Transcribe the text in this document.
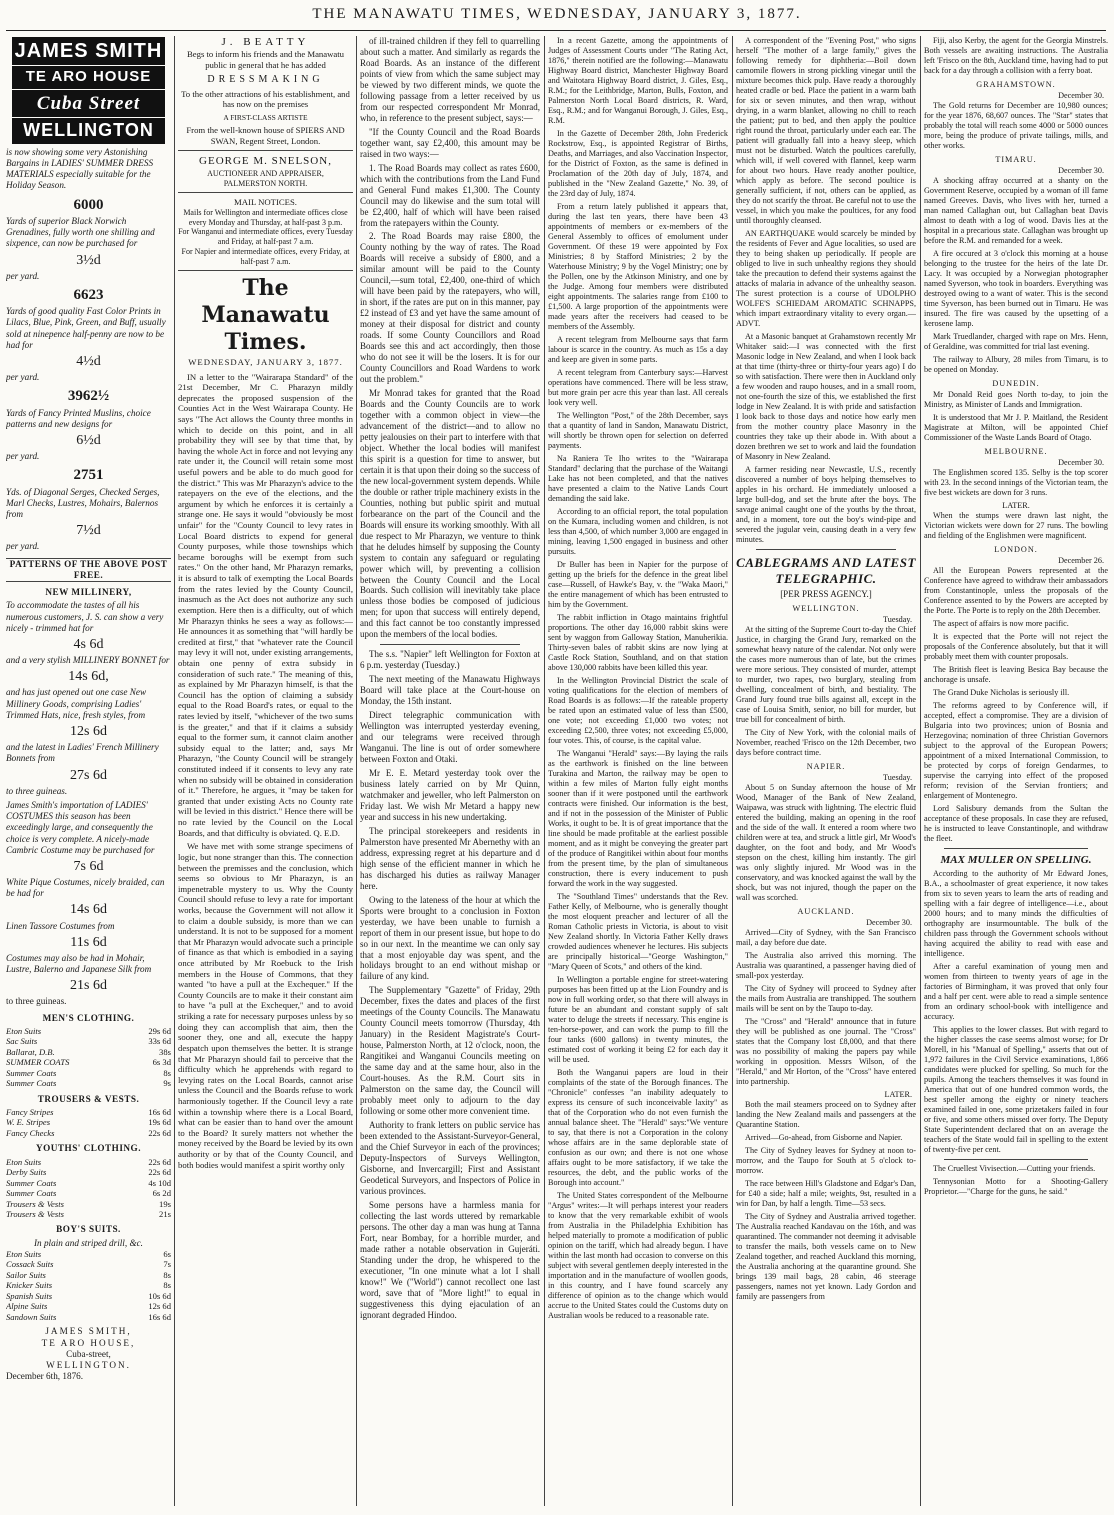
THE MANAWATU TIMES, WEDNESDAY, JANUARY 3, 1877.
JAMES SMITH
TE ARO HOUSE
Cuba Street
WELLINGTON
is now showing some very Astonishing Bargains in LADIES' SUMMER DRESS MATERIALS especially suitable for the Holiday Season.
6000
Yards of superior Black Norwich Grenadines, fully worth one shilling and sixpence, can now be purchased for
3½d
per yard.
6623
Yards of good quality Fast Color Prints in Lilacs, Blue, Pink, Green, and Buff, usually sold at ninepence half-penny are now to be had for
4½d
per yard.
3962½
Yards of Fancy Printed Muslins, choice patterns and new designs for
6½d
per yard.
2751
Yds. of Diagonal Serges, Checked Serges, Marl Checks, Lustres, Mohairs, Balernos from
7½d
per yard.
PATTERNS OF THE ABOVE POST FREE.
NEW MILLINERY,
To accommodate the tastes of all his numerous customers, J. S. can show a very nicely - trimmed hat for
4s 6d
and a very stylish MILLINERY BONNET for
14s 6d,
and has just opened out one case New Millinery Goods, comprising Ladies' Trimmed Hats, nice, fresh styles, from
12s 6d
and the latest in Ladies' French Millinery Bonnets from
27s 6d
to three guineas.
James Smith's importation of LADIES' COSTUMES this season has been exceedingly large, and consequently the choice is very complete. A nicely-made Cambric Costume may be purchased for
7s 6d
White Pique Costumes, nicely braided, can be had for
14s 6d
Linen Tassore Costumes from
11s 6d
Costumes may also be had in Mohair, Lustre, Balerno and Japanese Silk from
21s 6d
to three guineas.
MEN'S CLOTHING.
Eton Suits	29s 6d
Sac Suits	33s 6d
Ballarat, D.B.	38s
SUMMER COATS	6s 3d
Summer Coats	8s
Summer Coats	9s
TROUSERS & VESTS.
Fancy Stripes	16s 6d
W. E. Stripes	19s 6d
Fancy Checks	22s 6d
YOUTHS' CLOTHING.
Eton Suits	22s 6d
Derby Suits	22s 6d
Summer Coats	4s 10d
Summer Coats	6s 2d
Trousers & Vests	19s
Trousers & Vests	21s
BOY'S SUITS.
In plain and striped drill, &c.
Eton Suits	6s
Cossack Suits	7s
Sailor Suits	8s
Knicker Suits	8s
Spanish Suits	10s 6d
Alpine Suits	12s 6d
Sandown Suits	16s 6d
JAMES SMITH,
TE ARO HOUSE,
Cuba-street,
WELLINGTON.
December 6th, 1876.
J. BEATTY
Begs to inform his friends and the Manawatu public in general that he has added
DRESSMAKING
To the other attractions of his establishment, and has now on the premises
A FIRST-CLASS ARTISTE
From the well-known house of SPIERS AND SWAN, Regent Street, London.
GEORGE M. SNELSON,
AUCTIONEER AND APPRAISER,
PALMERSTON NORTH.
MAIL NOTICES.
Mails for Wellington and intermediate offices close every Monday and Thursday, at half-past 3 p.m.
For Wanganui and intermediate offices, every Tuesday and Friday, at half-past 7 a.m.
For Napier and intermediate offices, every Friday, at half-past 7 a.m.
The Manawatu Times.
WEDNESDAY, JANUARY 3, 1877.

IN a letter to the "Wairarapa Standard" of the 21st December, Mr C. Pharazyn mildly deprecates the proposed suspension of the Counties Act in the West Wairarapa County. He says "The Act allows the County three months in which to decide on this point, and in all probability they will see by that time that, by having the whole Act in force and not levying any rate under it, the Council will retain some most useful powers and be able to do much good for the district." This was Mr Pharazyn's advice to the ratepayers on the eve of the elections, and the argument by which he enforces it is certainly a strange one. He says it would "obviously be most unfair" for the "County Council to levy rates in Local Board districts to expend for general County purposes, while those townships which became boroughs will be exempt from such rates." On the other hand, Mr Pharazyn remarks, it is absurd to talk of exempting the Local Boards from the rates levied by the County Council, inasmuch as the Act does not authorize any such exemption. Here then is a difficulty, out of which Mr Pharazyn thinks he sees a way as follows:—He announces it as something that "will hardly be credited at first," that "whatever rate the Council may levy it will not, under existing arrangements, obtain one penny of extra subsidy in consideration of such rate." The meaning of this, as explained by Mr Pharazyn himself, is that the Council has the option of claiming a subsidy equal to the Road Board's rates, or equal to the rates levied by itself, "whichever of the two sums is the greater," and that if it claims a subsidy equal to the former sum, it cannot claim another subsidy equal to the latter; and, says Mr Pharazyn, "the County Council will be strangely constituted indeed if it consents to levy any rate when no subsidy will be obtained in consideration of it." Therefore, he argues, it "may be taken for granted that under existing Acts no County rate will be levied in this district." Hence there will be no rate levied by the Council on the Local Boards, and that difficulty is obviated. Q. E.D.

We have met with some strange specimens of logic, but none stranger than this. The connection between the premisses and the conclusion, which seems so obvious to Mr Pharazyn, is an impenetrable mystery to us. Why the County Council should refuse to levy a rate for important works, because the Government will not allow it to claim a double subsidy, is more than we can understand. It is not to be supposed for a moment that Mr Pharazyn would advocate such a principle of finance as that which is embodied in a saying once attributed by Mr Roebuck to the Irish members in the House of Commons, that they wanted "to have a pull at the Exchequer." If the County Councils are to make it their constant aim to have "a pull at the Exchequer," and to avoid striking a rate for necessary purposes unless by so doing they can accomplish that aim, then the sooner they, one and all, execute the happy despatch upon themselves the better. It is strange that Mr Pharazyn should fail to perceive that the difficulty which he apprehends with regard to levying rates on the Local Boards, cannot arise unless the Council and the Boards refuse to work harmoniously together. If the Council levy a rate within a township where there is a Local Board, what can be easier than to hand over the amount to the Board? It surely matters not whether the money received by the Board be levied by its own authority or by that of the County Council, and both bodies would manifest a spirit worthy only

of ill-trained children if they fell to quarrelling about such a matter. And similarly as regards the Road Boards. As an instance of the different points of view from which the same subject may be viewed by two different minds, we quote the following passage from a letter received by us from our respected correspondent Mr Monrad, who, in reference to the present subject, says:—

"If the County Council and the Road Boards together want, say £2,400, this amount may be raised in two ways:—

1. The Road Boards may collect as rates £600, which with the contributions from the Land Fund and General Fund makes £1,300. The County Council may do likewise and the sum total will be £2,400, half of which will have been raised from the ratepayers within the County.

2. The Road Boards may raise £800, the County nothing by the way of rates. The Road Boards will receive a subsidy of £800, and a similar amount will be paid to the County Council,—sum total, £2,400, one-third of which will have been paid by the ratepayers, who will, in short, if the rates are put on in this manner, pay £2 instead of £3 and yet have the same amount of money at their disposal for district and county roads. If some County Councillors and Road Boards see this and act accordingly, then those who do not see it will be the losers. It is for our County Councillors and Road Wardens to work out the problem."

Mr Monrad takes for granted that the Road Boards and the County Councils are to work together with a common object in view—the advancement of the district—and to allow no petty jealousies on their part to interfere with that object. Whether the local bodies will manifest this spirit is a question for time to answer, but certain it is that upon their doing so the success of the new local-government system depends. While the double or rather triple machinery exists in the Counties, nothing but public spirit and mutual forbearance on the part of the Council and the Boards will ensure its working smoothly. With all due respect to Mr Pharazyn, we venture to think that he deludes himself by supposing the County system to contain any safeguard or regulating power which will, by preventing a collision between the County Council and the Local Boards. Such collision will inevitably take place unless those bodies be composed of judicious men; for upon that success will entirely depend, and this fact cannot be too constantly impressed upon the members of the local bodies.

The s.s. "Napier" left Wellington for Foxton at 6 p.m. yesterday (Tuesday.)

The next meeting of the Manawatu Highways Board will take place at the Court-house on Monday, the 15th instant.

Direct telegraphic communication with Wellington was interrupted yesterday evening, and our telegrams were received through Wanganui. The line is out of order somewhere between Foxton and Otaki.

Mr E. E. Metard yesterday took over the business lately carried on by Mr Quinn, watchmaker and jeweller, who left Palmerston on Friday last. We wish Mr Metard a happy new year and success in his new undertaking.

The principal storekeepers and residents in Palmerston have presented Mr Abernethy with an address, expressing regret at his departure and d high sense of the efficient manner in which he has discharged his duties as railway Manager here.

Owing to the lateness of the hour at which the Sports were brought to a conclusion in Foxton yesterday, we have been unable to furnish a report of them in our present issue, but hope to do so in our next. In the meantime we can only say that a most enjoyable day was spent, and the holidays brought to an end without mishap or failure of any kind.

The Supplementary "Gazette" of Friday, 29th December, fixes the dates and places of the first meetings of the County Councils. The Manawatu County Council meets tomorrow (Thursday, 4th January) in the Resident Magistrate's Court-house, Palmerston North, at 12 o'clock, noon, the Rangitikei and Wanganui Councils meeting on the same day and at the same hour, also in the Court-houses. As the R.M. Court sits in Palmerston on the same day, the Council will probably meet only to adjourn to the day following or some other more convenient time.

Authority to frank letters on public service has been extended to the Assistant-Surveyor-General, and the Chief Surveyor in each of the provinces; Deputy-Inspectors of Surveys Wellington, Gisborne, and Invercargill; First and Assistant Geodetical Surveyors, and Inspectors of Police in various provinces.

Some persons have a harmless mania for collecting the last words uttered by remarkable persons. The other day a man was hung at Tanna Fort, near Bombay, for a horrible murder, and made rather a notable observation in Gujeráti. Standing under the drop, he whispered to the executioner, "In one minute what a lot I shall know!" We ("World") cannot recollect one last word, save that of "More light!" to equal in suggestiveness this dying ejaculation of an ignorant degraded Hindoo.

In a recent Gazette, among the appointments of Judges of Assessment Courts under "The Rating Act, 1876," therein notified are the following:—Manawatu Highway Board district, Manchester Highway Board and Waitotara Highway Board district, J. Giles, Esq., R.M.; for the Leithbridge, Marton, Bulls, Foxton, and Palmerston North Local Board districts, R. Ward, Esq., R.M.; and for Wanganui Borough, J. Giles, Esq., R.M.

In the Gazette of December 28th, John Frederick Rockstrow, Esq., is appointed Registrar of Births, Deaths, and Marriages, and also Vaccination Inspector, for the District of Foxton, as the same is defined in Proclamation of the 20th day of July, 1874, and published in the "New Zealand Gazette," No. 39, of the 23rd day of July, 1874.

From a return lately published it appears that, during the last ten years, there have been 43 appointments of members or ex-members of the General Assembly to offices of emolument under Government. Of these 19 were appointed by Fox Ministries; 8 by Stafford Ministries; 2 by the Waterhouse Ministry; 9 by the Vogel Ministry; one by the Pollen, one by the Atkinson Ministry, and one by the Judge. Among four members were distributed eight appointments. The salaries range from £100 to £1,500. A large proportion of the appointments were made years after the receivers had ceased to be members of the Assembly.

A recent telegram from Melbourne says that farm labour is scarce in the country. As much as 15s a day and keep are given in some parts.

A recent telegram from Canterbury says:—Harvest operations have commenced. There will be less straw, but more grain per acre this year than last. All cereals look very well.

The Wellington "Post," of the 28th December, says that a quantity of land in Sandon, Manawatu District, will shortly be thrown open for selection on deferred payments.

Na Raniera Te Iho writes to the "Wairarapa Standard" declaring that the purchase of the Waitangi Lake has not been completed, and that the natives have presented a claim to the Native Lands Court demanding the said lake.

According to an official report, the total population on the Kumara, including women and children, is not less than 4,500, of which number 3,000 are engaged in mining, leaving 1,500 engaged in business and other pursuits.

Dr Buller has been in Napier for the purpose of getting up the briefs for the defence in the great libel case—Russell, of Hawke's Bay, v. the "Waka Maori," the entire management of which has been entrusted to him by the Government.

The rabbit infliction in Otago maintains frightful proportions. The other day 16,000 rabbit skins were sent by waggon from Galloway Station, Manuherikia. Thirty-seven bales of rabbit skins are now lying at Castle Rock Station, Southland, and on that station above 130,000 rabbits have been killed this year.

In the Wellington Provincial District the scale of voting qualifications for the election of members of Road Boards is as follows:—If the rateable property be rated upon an estimated value of less than £500, one vote; not exceeding £1,000 two votes; not exceeding £2,500, three votes; not exceeding £5,000, four votes. This, of course, is the capital value.

The Wanganui "Herald" says:—By laying the rails as the earthwork is finished on the line between Turakina and Marton, the railway may be open to within a few miles of Marton fully eight months sooner than if it were postponed until the earthwork contracts were finished. Our information is the best, and if not in the possession of the Minister of Public Works, it ought to be. It is of great importance that the line should be made profitable at the earliest possible moment, and as it might be conveying the greater part of the produce of Rangitikei within about four months from the present time, by the plan of simultaneous construction, there is every inducement to push forward the work in the way suggested.

The "Southland Times" understands that the Rev. Father Kelly, of Melbourne, who is generally thought the most eloquent preacher and lecturer of all the Roman Catholic priests in Victoria, is about to visit New Zealand shortly. In Victoria Father Kelly draws crowded audiences whenever he lectures. His subjects are principally historical—"George Washington," "Mary Queen of Scots," and others of the kind.

In Wellington a portable engine for street-watering purposes has been fitted up at the Lion Foundry and is now in full working order, so that there will always in future be an abundant and constant supply of salt water to deluge the streets if necessary. This engine is ten-horse-power, and can work the pump to fill the four tanks (600 gallons) in twenty minutes, the estimated cost of working it being £2 for each day it will be used.

Both the Wanganui papers are loud in their complaints of the state of the Borough finances. The "Chronicle" confesses "an inability adequately to express its censure of such inconceivable laxity" as that of the Corporation who do not even furnish the annual balance sheet. The "Herald" says:"We venture to say, that there is not a Corporation in the colony whose affairs are in the same deplorable state of confusion as our own; and there is not one whose affairs ought to be more satisfactory, if we take the resources, the debt, and the public works of the Borough into account."

The United States correspondent of the Melbourne "Argus" writes:—It will perhaps interest your readers to know that the very remarkable exhibit of wools from Australia in the Philadelphia Exhibition has helped materially to promote a modification of public opinion on the tariff, which had already begun. I have within the last month had occasion to converse on this subject with several gentlemen deeply interested in the importation and in the manufacture of woollen goods, in this country, and I have found scarcely any difference of opinion as to the change which would accrue to the United States could the Customs duty on Australian wools be reduced to a reasonable rate.

A correspondent of the "Evening Post," who signs herself "The mother of a large family," gives the following remedy for diphtheria:—Boil down camomile flowers in strong pickling vinegar until the mixture becomes thick pulp. Have ready a thoroughly heated cradle or bed. Place the patient in a warm bath for six or seven minutes, and then wrap, without drying, in a warm blanket, allowing no chill to reach the patient; put to bed, and then apply the poultice right round the throat, particularly under each ear. The patient will gradually fall into a heavy sleep, which must not be disturbed. Watch the poultices carefully, which will, if well covered with flannel, keep warm for about two hours. Have ready another poultice, which apply as before. The second poultice is generally sufficient, if not, others can be applied, as they do not scarify the throat. Be careful not to use the vessel, in which you make the poultices, for any food until thoroughly cleansed.

AN EARTHQUAKE would scarcely be minded by the residents of Fever and Ague localities, so used are they to being shaken up periodically. If people are obliged to live in such unhealthy regions they should take the precaution to defend their systems against the attacks of malaria in advance of the unhealthy season. The surest protection is a course of UDOLPHO WOLFE'S SCHIEDAM AROMATIC SCHNAPPS, which impart extraordinary vitality to every organ.—ADVT.

At a Masonic banquet at Grahamstown recently Mr Whitaker said:—I was connected with the first Masonic lodge in New Zealand, and when I look back at that time (thirty-three or thirty-four years ago) I do so with satisfaction. There were then in Auckland only a few wooden and raupo houses, and in a small room, not one-fourth the size of this, we established the first lodge in New Zealand. It is with pride and satisfaction I look back to those days and notice how early men from the mother country place Masonry in the countries they take up their abode in. With about a dozen brethren we set to work and laid the foundation of Masonry in New Zealand.

A farmer residing near Newcastle, U.S., recently discovered a number of boys helping themselves to apples in his orchard. He immediately unloosed a large bull-dog, and set the brute after the boys. The savage animal caught one of the youths by the throat, and, in a moment, tore out the boy's wind-pipe and severed the jugular vein, causing death in a very few minutes.

CABLEGRAMS AND LATEST TELEGRAPHIC.
[PER PRESS AGENCY.]
WELLINGTON.
Tuesday.

At the sitting of the Supreme Court to-day the Chief Justice, in charging the Grand Jury, remarked on the somewhat heavy nature of the calendar. Not only were the cases more numerous than of late, but the crimes were more serious. They consisted of murder, attempt to murder, two rapes, two burglary, stealing from dwelling, concealment of birth, and bestiality. The Grand Jury found true bills against all, except in the case of Louisa Smith, senior, no bill for murder, but true bill for concealment of birth.

The City of New York, with the colonial mails of November, reached 'Frisco on the 12th December, two days before contract time.

NAPIER.
Tuesday.

About 5 on Sunday afternoon the house of Mr Wood, Manager of the Bank of New Zealand, Waipawa, was struck with lightning. The electric fluid entered the building, making an opening in the roof and the side of the wall. It entered a room where two children were at tea, and struck a little girl, Mr Wood's daughter, on the foot and body, and Mr Wood's stepson on the chest, killing him instantly. The girl was only slightly injured. Mr Wood was in the conservatory, and was knocked against the wall by the shock, but was not injured, though the paper on the wall was scorched.

AUCKLAND.
December 30.

Arrived—City of Sydney, with the San Francisco mail, a day before due date.

The Australia also arrived this morning. The Australia was quarantined, a passenger having died of small-pox yesterday.

The City of Sydney will proceed to Sydney after the mails from Australia are transhipped. The southern mails will be sent on by the Taupo to-day.

The "Cross" and "Herald" announce that in future they will be published as one journal. The "Cross" states that the Company lost £8,000, and that there was no possibility of making the papers pay while working in opposition. Messrs Wilson, of the "Herald," and Mr Horton, of the "Cross" have entered into partnership.

LATER.

Both the mail steamers proceed on to Sydney after landing the New Zealand mails and passengers at the Quarantine Station.

Arrived—Go-ahead, from Gisborne and Napier.

The City of Sydney leaves for Sydney at noon to-morrow, and the Taupo for South at 5 o'clock to-morrow.

The race between Hill's Gladstone and Edgar's Dan, for £40 a side; half a mile; weights, 9st, resulted in a win for Dan, by half a length. Time—53 secs.

The City of Sydney and Australia arrived together. The Australia reached Kandavau on the 16th, and was quarantined. The commander not deeming it advisable to transfer the mails, both vessels came on to New Zealand together, and reached Auckland this morning, the Australia anchoring at the quarantine ground. She brings 139 mail bags, 28 cabin, 46 steerage passengers, names not yet known. Lady Gordon and family are passengers from

Fiji, also Kerby, the agent for the Georgia Minstrels. Both vessels are awaiting instructions. The Australia left 'Frisco on the 8th, Auckland time, having had to put back for a day through a collision with a ferry boat.

GRAHAMSTOWN.
December 30.

The Gold returns for December are 10,980 ounces; for the year 1876, 68,607 ounces. The "Star" states that probably the total will reach some 4000 or 5000 ounces more, being the produce of private tailings, mills, and other works.

TIMARU.
December 30.

A shocking affray occurred at a shanty on the Government Reserve, occupied by a woman of ill fame named Greeves. Davis, who lives with her, turned a man named Callaghan out, but Callaghan beat Davis almost to death with a log of wood. Davis lies at the hospital in a precarious state. Callaghan was brought up before the R.M. and remanded for a week.

A fire occured at 3 o'clock this morning at a house belonging to the trustee for the heirs of the late Dr. Lacy. It was occupied by a Norwegian photographer named Syverson, who took in boarders. Everything was destroyed owing to a want of water. This is the second time Syverson, has been burned out in Timaru. He was insured. The fire was caused by the upsetting of a kerosene lamp.

Mark Truedlander, charged with rape on Mrs. Henn, of Geraldine, was committed for trial last evening.

The railway to Albury, 28 miles from Timaru, is to be opened on Monday.

DUNEDIN.

Mr Donald Reid goes North to-day, to join the Ministry, as Minister of Lands and Immigration.

It is understood that Mr J. P. Maitland, the Resident Magistrate at Milton, will be appointed Chief Commissioner of the Waste Lands Board of Otago.

MELBOURNE.
December 30.

The Englishmen scored 135. Selby is the top scorer with 23. In the second innings of the Victorian team, the five best wickets are down for 3 runs.

LATER.

When the stumps were drawn last night, the Victorian wickets were down for 27 runs. The bowling and fielding of the Englishmen were magnificent.

LONDON.
December 26.

All the European Powers represented at the Conference have agreed to withdraw their ambassadors from Constantinople, unless the proposals of the Conference assented to by the Powers are accepted by the Porte. The Porte is to reply on the 28th December.

The aspect of affairs is now more pacific.

It is expected that the Porte will not reject the proposals of the Conference absolutely, but that it will probably meet them with counter proposals.

The British fleet is leaving Besica Bay because the anchorage is unsafe.

The Grand Duke Nicholas is seriously ill.

The reforms agreed to by Conference will, if accepted, effect a compromise. They are a division of Bulgaria into two provinces; union of Bosnia and Herzegovina; nomination of three Christian Governors subject to the approval of the European Powers; appointment of a mixed International Commission, to be protected by corps of foreign Gendarmes, to supervise the carrying into effect of the proposed reform; revision of the Servian frontiers; and enlargement of Montenegro.

Lord Salisbury demands from the Sultan the acceptance of these proposals. In case they are refused, he is instructed to leave Constantinople, and withdraw the fleet.

MAX MULLER ON SPELLING.

According to the authority of Mr Edward Jones, B.A., a schoolmaster of great experience, it now takes from six to seven years to learn the arts of reading and spelling with a fair degree of intelligence—i.e., about 2000 hours; and to many minds the difficulties of orthography are insurmountable. The bulk of the children pass through the Government schools without having acquired the ability to read with ease and intelligence.

After a careful examination of young men and women from thirteen to twenty years of age in the factories of Birmingham, it was proved that only four and a half per cent. were able to read a simple sentence from an ordinary school-book with intelligence and accuracy.

This applies to the lower classes. But with regard to the higher classes the case seems almost worse; for Dr Morell, in his "Manual of Spelling," asserts that out of 1,972 failures in the Civil Service examinations, 1,866 candidates were plucked for spelling. So much for the pupils. Among the teachers themselves it was found in America that out of one hundred common words, the best speller among the eighty or ninety teachers examined failed in one, some prizetakers failed in four or five, and some others missed over forty. The Deputy State Superintendent declared that on an average the teachers of the State would fail in spelling to the extent of twenty-five per cent.

The Cruellest Vivisection.—Cutting your friends.

Tennysonian Motto for a Shooting-Gallery Proprietor.—"Charge for the guns, he said."
